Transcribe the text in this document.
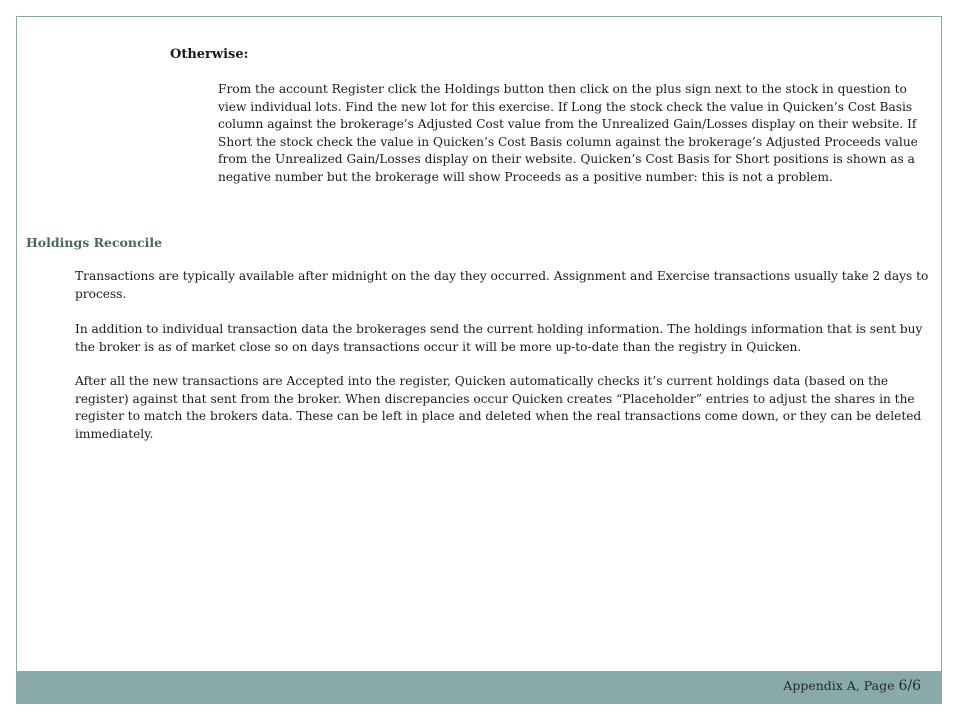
Otherwise:

From the account Register click the Holdings button then click on the plus sign next to the stock in question to view individual lots. Find the new lot for this exercise. If Long the stock check the value in Quicken’s Cost Basis column against the brokerage’s Adjusted Cost value from the Unrealized Gain/Losses display on their website. If Short the stock check the value in Quicken’s Cost Basis column against the brokerage’s Adjusted Proceeds value from the Unrealized Gain/Losses display on their website. Quicken’s Cost Basis for Short positions is shown as a negative number but the brokerage will show Proceeds as a positive number: this is not a problem.

Holdings Reconcile

Transactions are typically available after midnight on the day they occurred. Assignment and Exercise transactions usually take 2 days to process.

In addition to individual transaction data the brokerages send the current holding information. The holdings information that is sent buy the broker is as of market close so on days transactions occur it will be more up-to-date than the registry in Quicken.

After all the new transactions are Accepted into the register, Quicken automatically checks it’s current holdings data (based on the register) against that sent from the broker. When discrepancies occur Quicken creates “Placeholder” entries to adjust the shares in the register to match the brokers data. These can be left in place and deleted when the real transactions come down, or they can be deleted immediately.

Appendix A, Page 6/6
